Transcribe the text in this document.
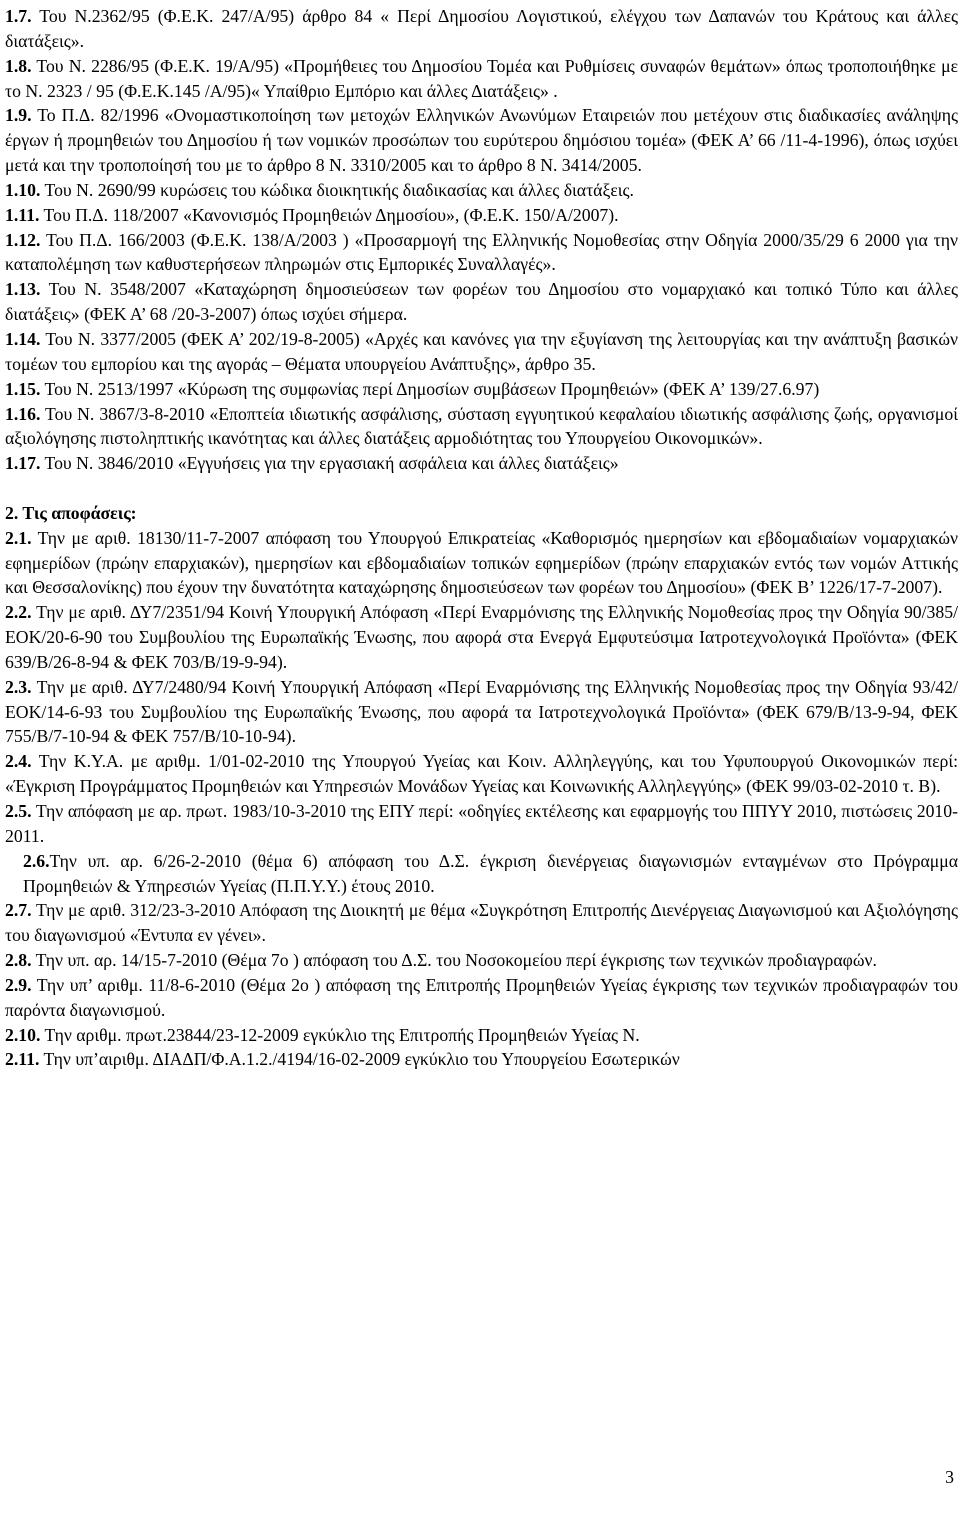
1.7. Του Ν.2362/95 (Φ.Ε.Κ. 247/Α/95) άρθρο 84 « Περί Δημοσίου Λογιστικού, ελέγχου των Δαπανών του Κράτους και άλλες διατάξεις».

1.8. Του Ν. 2286/95 (Φ.Ε.Κ. 19/Α/95) «Προμήθειες του Δημοσίου Τομέα και Ρυθμίσεις συναφών θεμάτων» όπως τροποποιήθηκε με το Ν. 2323 / 95 (Φ.Ε.Κ.145 /Α/95)« Υπαίθριο Εμπόριο και άλλες Διατάξεις» .

1.9. Το Π.Δ. 82/1996 «Ονομαστικοποίηση των μετοχών Ελληνικών Ανωνύμων Εταιρειών που μετέχουν στις διαδικασίες ανάληψης έργων ή προμηθειών του Δημοσίου ή των νομικών προσώπων του ευρύτερου δημόσιου τομέα» (ΦΕΚ Α’ 66 /11-4-1996), όπως ισχύει μετά και την τροποποίησή του με το άρθρο 8 Ν. 3310/2005 και το άρθρο 8 Ν. 3414/2005.

1.10. Του Ν. 2690/99 κυρώσεις του κώδικα διοικητικής διαδικασίας και άλλες διατάξεις.

1.11. Του Π.Δ. 118/2007 «Κανονισμός Προμηθειών Δημοσίου», (Φ.Ε.Κ. 150/Α/2007).

1.12. Του Π.Δ. 166/2003 (Φ.Ε.Κ. 138/Α/2003 ) «Προσαρμογή της Ελληνικής Νομοθεσίας στην Οδηγία 2000/35/29 6 2000 για την καταπολέμηση των καθυστερήσεων πληρωμών στις Εμπορικές Συναλλαγές».

1.13. Του Ν. 3548/2007 «Καταχώρηση δημοσιεύσεων των φορέων του Δημοσίου στο νομαρχιακό και τοπικό Τύπο και άλλες διατάξεις» (ΦΕΚ Α’ 68 /20-3-2007) όπως ισχύει σήμερα.

1.14. Του Ν. 3377/2005 (ΦΕΚ Α’ 202/19-8-2005) «Αρχές και κανόνες για την εξυγίανση της λειτουργίας και την ανάπτυξη βασικών τομέων του εμπορίου και της αγοράς – Θέματα υπουργείου Ανάπτυξης», άρθρο 35.

1.15. Του Ν. 2513/1997 «Κύρωση της συμφωνίας περί Δημοσίων συμβάσεων Προμηθειών» (ΦΕΚ Α’ 139/27.6.97)

1.16. Του Ν. 3867/3-8-2010 «Εποπτεία ιδιωτικής ασφάλισης, σύσταση εγγυητικού κεφαλαίου ιδιωτικής ασφάλισης ζωής, οργανισμοί αξιολόγησης πιστοληπτικής ικανότητας και άλλες διατάξεις αρμοδιότητας του Υπουργείου Οικονομικών».

1.17. Του Ν. 3846/2010 «Εγγυήσεις για την εργασιακή ασφάλεια και άλλες διατάξεις»

2. Τις αποφάσεις:

2.1. Την με αριθ. 18130/11-7-2007 απόφαση του Υπουργού Επικρατείας «Καθορισμός ημερησίων και εβδομαδιαίων νομαρχιακών εφημερίδων (πρώην επαρχιακών), ημερησίων και εβδομαδιαίων τοπικών εφημερίδων (πρώην επαρχιακών εντός των νομών Αττικής και Θεσσαλονίκης) που έχουν την δυνατότητα καταχώρησης δημοσιεύσεων των φορέων του Δημοσίου» (ΦΕΚ Β’ 1226/17-7-2007).

2.2. Την με αριθ. ΔΥ7/2351/94 Κοινή Υπουργική Απόφαση «Περί Εναρμόνισης της Ελληνικής Νομοθεσίας προς την Οδηγία 90/385/ΕΟΚ/20-6-90 του Συμβουλίου της Ευρωπαϊκής Ένωσης, που αφορά στα Ενεργά Εμφυτεύσιμα Ιατροτεχνολογικά Προϊόντα» (ΦΕΚ 639/Β/26-8-94 & ΦΕΚ 703/Β/19-9-94).

2.3. Την με αριθ. ΔΥ7/2480/94 Κοινή Υπουργική Απόφαση «Περί Εναρμόνισης της Ελληνικής Νομοθεσίας προς την Οδηγία 93/42/ΕΟΚ/14-6-93 του Συμβουλίου της Ευρωπαϊκής Ένωσης, που αφορά τα Ιατροτεχνολογικά Προϊόντα» (ΦΕΚ 679/Β/13-9-94, ΦΕΚ 755/Β/7-10-94 & ΦΕΚ 757/Β/10-10-94).

2.4. Την Κ.Υ.Α. με αριθμ. 1/01-02-2010 της Υπουργού Υγείας και Κοιν. Αλληλεγγύης, και του Υφυπουργού Οικονομικών περί: «Έγκριση Προγράμματος Προμηθειών και Υπηρεσιών Μονάδων Υγείας και Κοινωνικής Αλληλεγγύης» (ΦΕΚ 99/03-02-2010 τ. Β).

2.5. Την απόφαση με αρ. πρωτ. 1983/10-3-2010 της ΕΠΥ περί: «οδηγίες εκτέλεσης και εφαρμογής του ΠΠΥΥ 2010, πιστώσεις 2010-2011.

2.6.Την υπ. αρ. 6/26-2-2010 (θέμα 6) απόφαση του Δ.Σ. έγκριση διενέργειας διαγωνισμών ενταγμένων στο Πρόγραμμα Προμηθειών & Υπηρεσιών Υγείας (Π.Π.Υ.Υ.) έτους 2010.

2.7. Την με αριθ. 312/23-3-2010 Απόφαση της Διοικητή με θέμα «Συγκρότηση Επιτροπής Διενέργειας Διαγωνισμού και Αξιολόγησης του διαγωνισμού «Έντυπα εν γένει».

2.8. Την υπ. αρ. 14/15-7-2010 (Θέμα 7ο ) απόφαση του Δ.Σ. του Νοσοκομείου περί έγκρισης των τεχνικών προδιαγραφών.

2.9. Την υπ’ αριθμ. 11/8-6-2010 (Θέμα 2ο ) απόφαση της Επιτροπής Προμηθειών Υγείας έγκρισης των τεχνικών προδιαγραφών του παρόντα διαγωνισμού.

2.10. Την αριθμ. πρωτ.23844/23-12-2009 εγκύκλιο της Επιτροπής Προμηθειών Υγείας Ν.

2.11. Την υπ’αιριθμ. ΔΙΑΔΠ/Φ.Α.1.2./4194/16-02-2009 εγκύκλιο του Υπουργείου Εσωτερικών

3
